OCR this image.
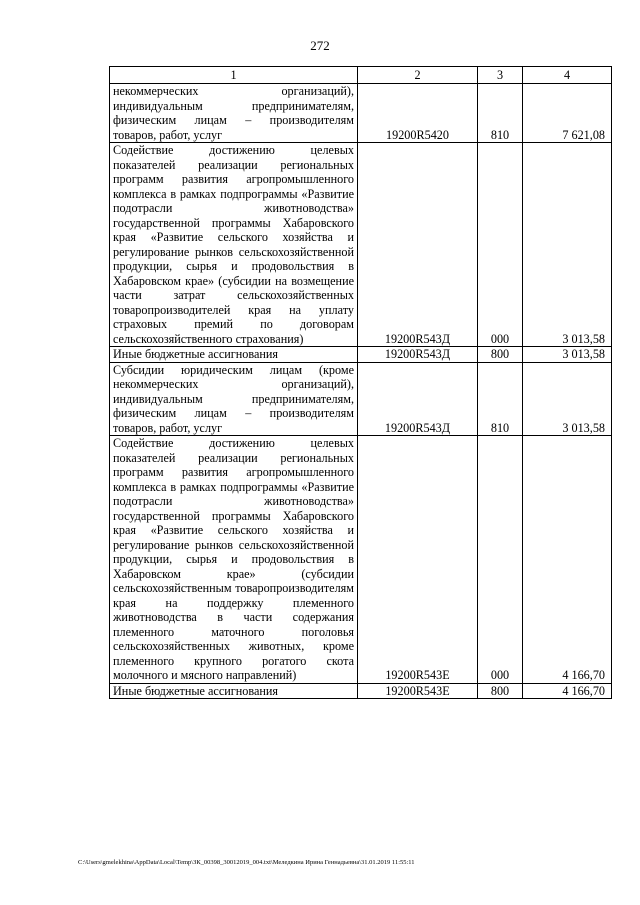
272
1	2	3	4
некоммерческих организаций), индивидуальным предпринимателям, физическим лицам – производителям товаров, работ, услуг	19200R5420	810	7 621,08
Содействие достижению целевых показателей реализации региональных программ развития агропромышленного комплекса в рамках подпрограммы «Развитие подотрасли животноводства» государственной программы Хабаровского края «Развитие сельского хозяйства и регулирование рынков сельскохозяйственной продукции, сырья и продовольствия в Хабаровском крае» (субсидии на возмещение части затрат сельскохозяйственных товаропроизводителей края на уплату страховых премий по договорам сельскохозяйственного страхования)	19200R543Д	000	3 013,58
Иные бюджетные ассигнования	19200R543Д	800	3 013,58
Субсидии юридическим лицам (кроме некоммерческих организаций), индивидуальным предпринимателям, физическим лицам – производителям товаров, работ, услуг	19200R543Д	810	3 013,58
Содействие достижению целевых показателей реализации региональных программ развития агропромышленного комплекса в рамках подпрограммы «Развитие подотрасли животноводства» государственной программы Хабаровского края «Развитие сельского хозяйства и регулирование рынков сельскохозяйственной продукции, сырья и продовольствия в Хабаровском крае» (субсидии сельскохозяйственным товаропроизводителям края на поддержку племенного животноводства в части содержания племенного маточного поголовья сельскохозяйственных животных, кроме племенного крупного рогатого скота молочного и мясного направлений)	19200R543Е	000	4 166,70
Иные бюджетные ассигнования	19200R543Е	800	4 166,70
C:\Users\gmelekhina\AppData\Local\Temp\ЗК_00398_30012019_004.txt\Меледкина Ирина Геннадьевна\31.01.2019 11:55:11
